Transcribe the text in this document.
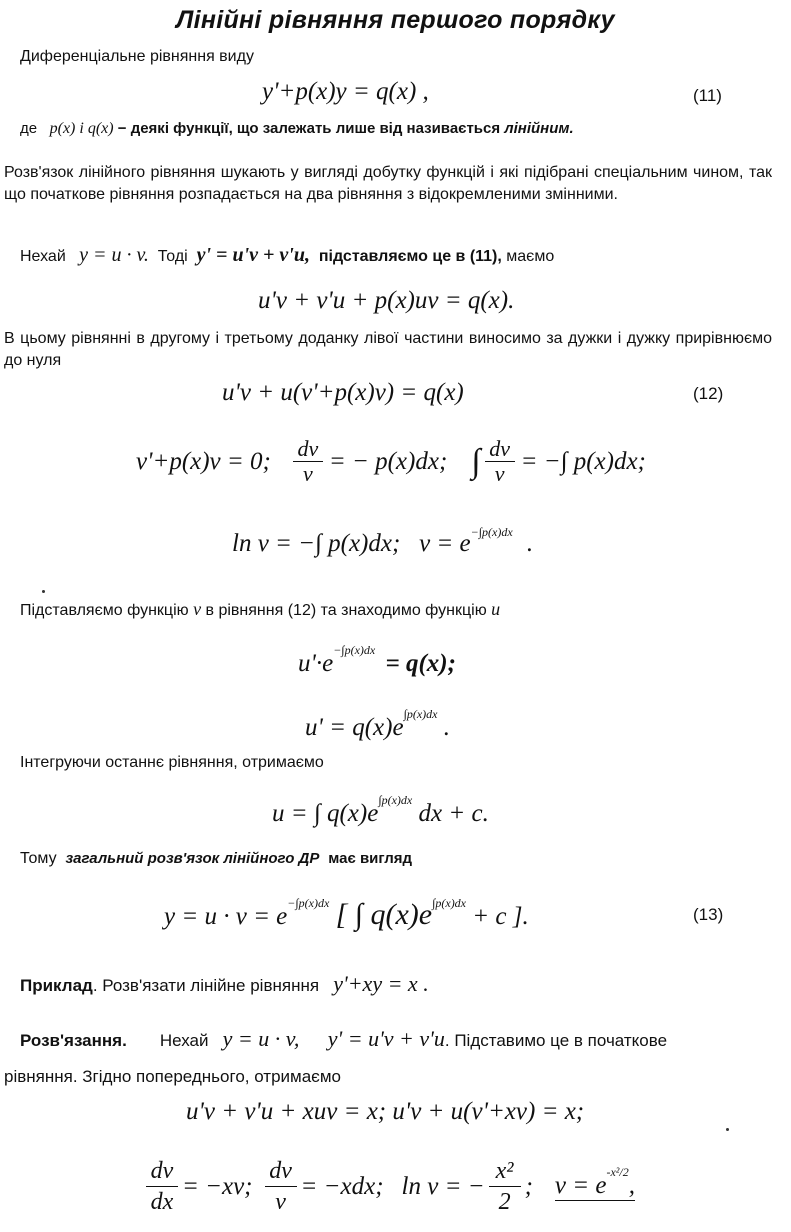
Лінійні рівняння першого порядку
Диференціальне рівняння виду
y'+p(x)y = q(x) ,	(11)
де p(x) і q(x) − деякі функції, що залежать лише від називається лінійним.
Розв'язок лінійного рівняння шукають у вигляді добутку функцій і які підібрані спеціальним чином, так що початкове рівняння розпадається на два рівняння з відокремленими змінними.
Нехай y = u · v. Тоді y' = u'v + v'u, підставляємо це в (11), маємо
u'v + v'u + p(x)uv = q(x).
В цьому рівнянні в другому і третьому доданку лівої частини виносимо за дужки і дужку прирівнюємо до нуля
u'v + u(v'+p(x)v) = q(x)	(12)
v'+p(x)v = 0; $\frac{dv}{v}$ = − p(x)dx; ∫ $\frac{dv}{v}$ = −∫ p(x)dx;
ln v = −∫ p(x)dx; $v = e^{-\int p(x)dx}$ .
Підставляємо функцію v в рівняння (12) та знаходимо функцію u
$u'\cdot e^{-\int p(x)dx} = q(x)$;
$u' = q(x)e^{\int p(x)dx}$ .
Інтегруючи останнє рівняння, отримаємо
u = ∫ $q(x)e^{\int p(x)dx}$ dx + c.
Тому загальний розв'язок лінійного ДР має вигляд
$y = u \cdot v = e^{-\int p(x)dx}$ [ ∫ $q(x)e^{\int p(x)dx} + c$ ].	(13)
Приклад. Розв'язати лінійне рівняння y'+xy = x .
Розв'язання. Нехай y = u · v, y' = u'v + v'u. Підставимо це в початкове
рівняння. Згідно попереднього, отримаємо
u'v + v'u + xuv = x; u'v + u(v'+xv) = x;
$\frac{dv}{dx} = -xv$; $\frac{dv}{v} = -xdx$; ln v = − $\frac{\text{x²}}{2}$ ; $v = e^{-x^2/2}$,
